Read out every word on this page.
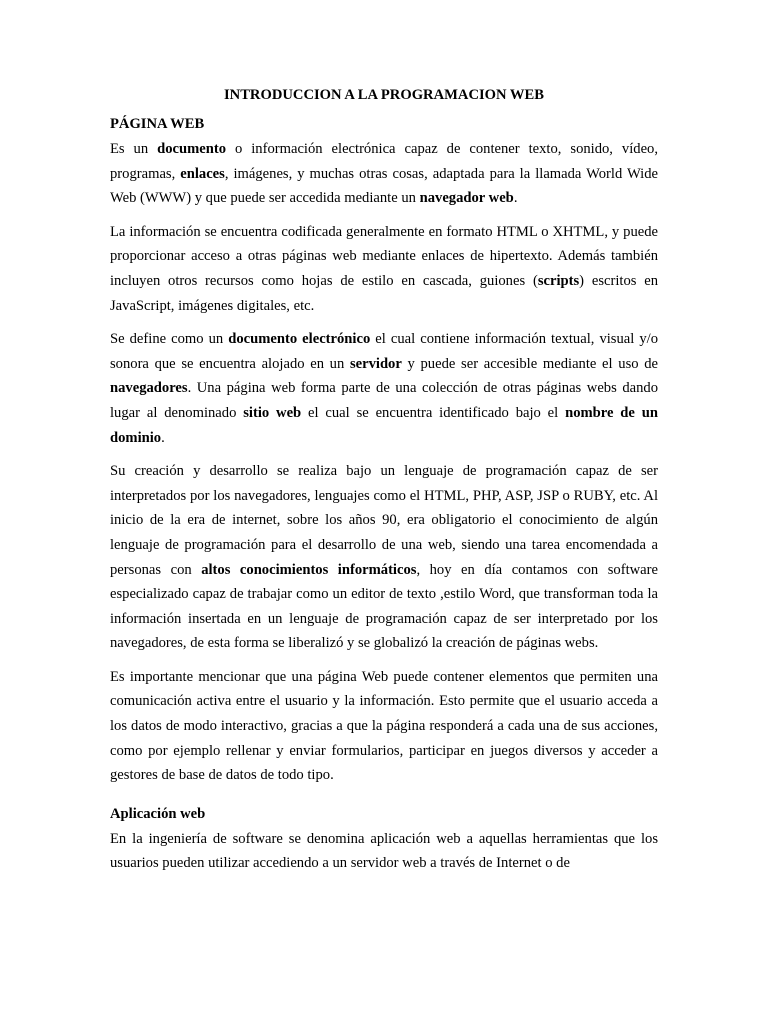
INTRODUCCION A LA PROGRAMACION WEB
PÁGINA WEB

Es un documento o información electrónica capaz de contener texto, sonido, vídeo, programas, enlaces, imágenes, y muchas otras cosas, adaptada para la llamada World Wide Web (WWW) y que puede ser accedida mediante un navegador web.

La información se encuentra codificada generalmente en formato HTML o XHTML, y puede proporcionar acceso a otras páginas web mediante enlaces de hipertexto. Además también incluyen otros recursos como hojas de estilo en cascada, guiones (scripts) escritos en JavaScript, imágenes digitales, etc.

Se define como un documento electrónico el cual contiene información textual, visual y/o sonora que se encuentra alojado en un servidor y puede ser accesible mediante el uso de navegadores. Una página web forma parte de una colección de otras páginas webs dando lugar al denominado sitio web el cual se encuentra identificado bajo el nombre de un dominio.

Su creación y desarrollo se realiza bajo un lenguaje de programación capaz de ser interpretados por los navegadores, lenguajes como el HTML, PHP, ASP, JSP o RUBY, etc. Al inicio de la era de internet, sobre los años 90, era obligatorio el conocimiento de algún lenguaje de programación para el desarrollo de una web, siendo una tarea encomendada a personas con altos conocimientos informáticos, hoy en día contamos con software especializado capaz de trabajar como un editor de texto ,estilo Word, que transforman toda la información insertada en un lenguaje de programación capaz de ser interpretado por los navegadores, de esta forma se liberalizó y se globalizó la creación de páginas webs.

Es importante mencionar que una página Web puede contener elementos que permiten una comunicación activa entre el usuario y la información. Esto permite que el usuario acceda a los datos de modo interactivo, gracias a que la página responderá a cada una de sus acciones, como por ejemplo rellenar y enviar formularios, participar en juegos diversos y acceder a gestores de base de datos de todo tipo.

Aplicación web

En la ingeniería de software se denomina aplicación web a aquellas herramientas que los usuarios pueden utilizar accediendo a un servidor web a través de Internet o de
